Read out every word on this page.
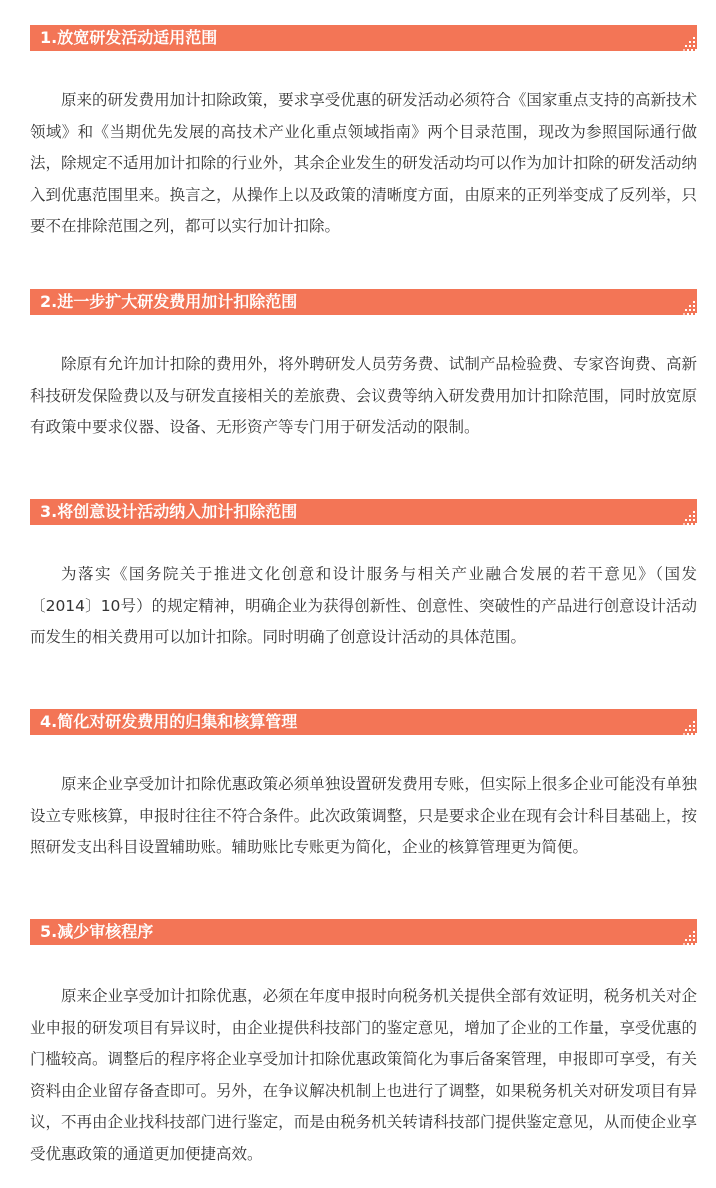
1.放宽研发活动适用范围

原来的研发费用加计扣除政策，要求享受优惠的研发活动必须符合《国家重点支持的高新技术领域》和《当期优先发展的高技术产业化重点领域指南》两个目录范围，现改为参照国际通行做法，除规定不适用加计扣除的行业外，其余企业发生的研发活动均可以作为加计扣除的研发活动纳入到优惠范围里来。换言之，从操作上以及政策的清晰度方面，由原来的正列举变成了反列举，只要不在排除范围之列，都可以实行加计扣除。

2.进一步扩大研发费用加计扣除范围

除原有允许加计扣除的费用外，将外聘研发人员劳务费、试制产品检验费、专家咨询费、高新科技研发保险费以及与研发直接相关的差旅费、会议费等纳入研发费用加计扣除范围，同时放宽原有政策中要求仪器、设备、无形资产等专门用于研发活动的限制。

3.将创意设计活动纳入加计扣除范围

为落实《国务院关于推进文化创意和设计服务与相关产业融合发展的若干意见》（国发〔2014〕10号）的规定精神，明确企业为获得创新性、创意性、突破性的产品进行创意设计活动而发生的相关费用可以加计扣除。同时明确了创意设计活动的具体范围。

4.简化对研发费用的归集和核算管理

原来企业享受加计扣除优惠政策必须单独设置研发费用专账，但实际上很多企业可能没有单独设立专账核算，申报时往往不符合条件。此次政策调整，只是要求企业在现有会计科目基础上，按照研发支出科目设置辅助账。辅助账比专账更为简化，企业的核算管理更为简便。

5.减少审核程序

原来企业享受加计扣除优惠，必须在年度申报时向税务机关提供全部有效证明，税务机关对企业申报的研发项目有异议时，由企业提供科技部门的鉴定意见，增加了企业的工作量，享受优惠的门槛较高。调整后的程序将企业享受加计扣除优惠政策简化为事后备案管理，申报即可享受，有关资料由企业留存备查即可。另外，在争议解决机制上也进行了调整，如果税务机关对研发项目有异议，不再由企业找科技部门进行鉴定，而是由税务机关转请科技部门提供鉴定意见，从而使企业享受优惠政策的通道更加便捷高效。
